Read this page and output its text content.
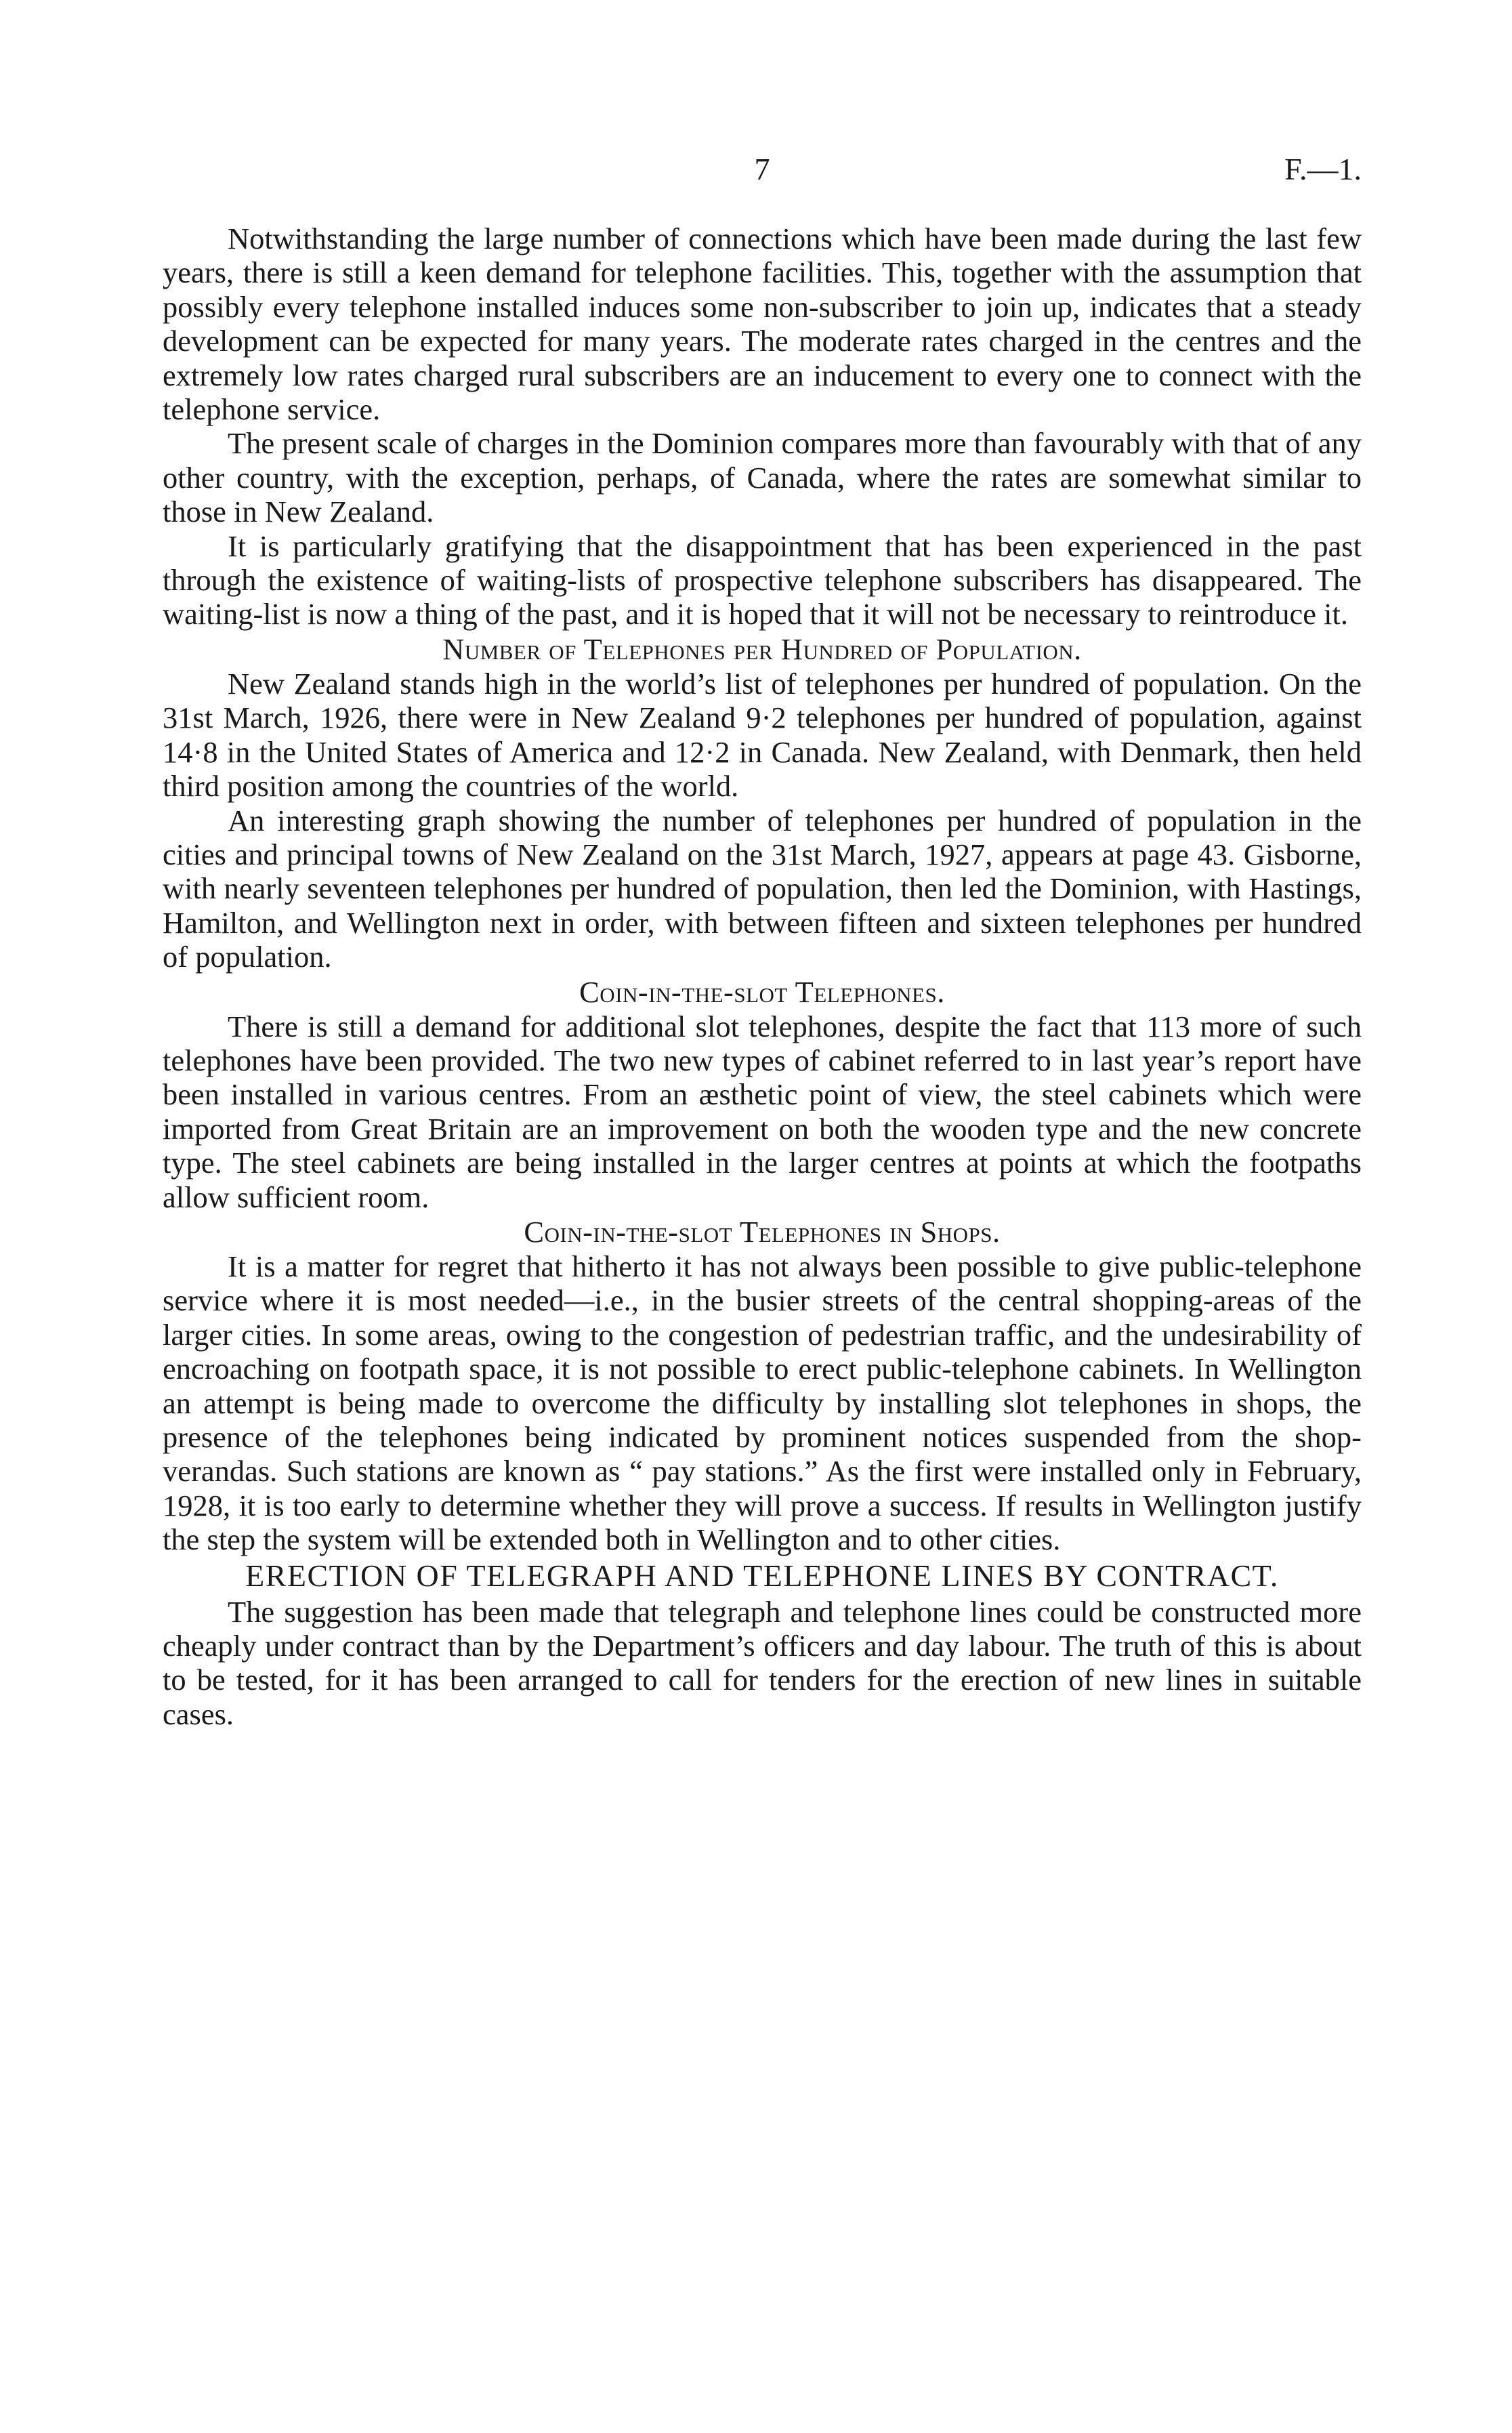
7	F.—1.

Notwithstanding the large number of connections which have been made during the last few years, there is still a keen demand for telephone facilities. This, together with the assumption that possibly every telephone installed induces some non-subscriber to join up, indicates that a steady development can be expected for many years. The moderate rates charged in the centres and the extremely low rates charged rural subscribers are an inducement to every one to connect with the telephone service.

The present scale of charges in the Dominion compares more than favourably with that of any other country, with the exception, perhaps, of Canada, where the rates are somewhat similar to those in New Zealand.

It is particularly gratifying that the disappointment that has been experienced in the past through the existence of waiting-lists of prospective telephone subscribers has disappeared. The waiting-list is now a thing of the past, and it is hoped that it will not be necessary to reintroduce it.

Number of Telephones per Hundred of Population.

New Zealand stands high in the world’s list of telephones per hundred of population. On the 31st March, 1926, there were in New Zealand 9·2 telephones per hundred of population, against 14·8 in the United States of America and 12·2 in Canada. New Zealand, with Denmark, then held third position among the countries of the world.

An interesting graph showing the number of telephones per hundred of population in the cities and principal towns of New Zealand on the 31st March, 1927, appears at page 43. Gisborne, with nearly seventeen telephones per hundred of population, then led the Dominion, with Hastings, Hamilton, and Wellington next in order, with between fifteen and sixteen telephones per hundred of population.

Coin-in-the-slot Telephones.

There is still a demand for additional slot telephones, despite the fact that 113 more of such telephones have been provided. The two new types of cabinet referred to in last year’s report have been installed in various centres. From an æsthetic point of view, the steel cabinets which were imported from Great Britain are an improvement on both the wooden type and the new concrete type. The steel cabinets are being installed in the larger centres at points at which the footpaths allow sufficient room.

Coin-in-the-slot Telephones in Shops.

It is a matter for regret that hitherto it has not always been possible to give public-telephone service where it is most needed—i.e., in the busier streets of the central shopping-areas of the larger cities. In some areas, owing to the congestion of pedestrian traffic, and the undesirability of encroaching on footpath space, it is not possible to erect public-telephone cabinets. In Wellington an attempt is being made to overcome the difficulty by installing slot telephones in shops, the presence of the telephones being indicated by prominent notices suspended from the shop-verandas. Such stations are known as “ pay stations.” As the first were installed only in February, 1928, it is too early to determine whether they will prove a success. If results in Wellington justify the step the system will be extended both in Wellington and to other cities.

ERECTION OF TELEGRAPH AND TELEPHONE LINES BY CONTRACT.

The suggestion has been made that telegraph and telephone lines could be constructed more cheaply under contract than by the Department’s officers and day labour. The truth of this is about to be tested, for it has been arranged to call for tenders for the erection of new lines in suitable cases.
